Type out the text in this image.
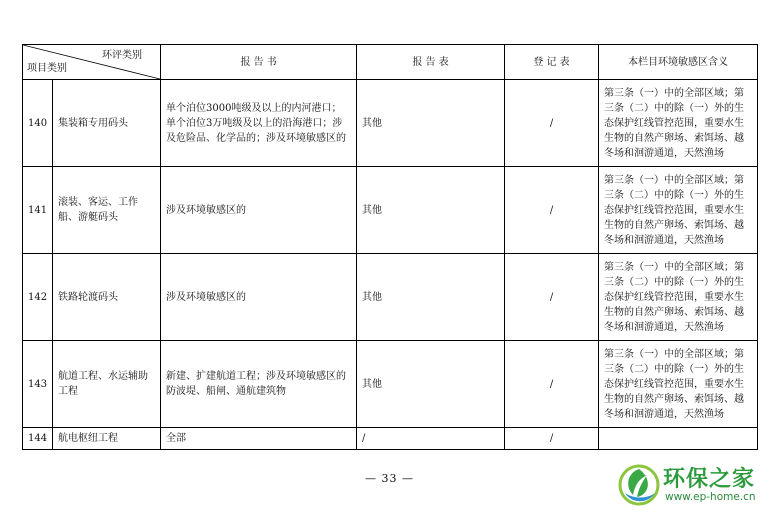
环评类别
项目类别		报 告 书	报 告 表	登 记 表	本栏目环境敏感区含义
140	集装箱专用码头	单个泊位3000吨级及以上的内河港口；单个泊位3万吨级及以上的沿海港口；涉及危险品、化学品的；涉及环境敏感区的	其他	/	第三条（一）中的全部区域；第三条（二）中的除（一）外的生态保护红线管控范围，重要水生生物的自然产卵场、索饵场、越冬场和洄游通道，天然渔场
141	滚装、客运、工作船、游艇码头	涉及环境敏感区的	其他	/	第三条（一）中的全部区域；第三条（二）中的除（一）外的生态保护红线管控范围，重要水生生物的自然产卵场、索饵场、越冬场和洄游通道，天然渔场
142	铁路轮渡码头	涉及环境敏感区的	其他	/	第三条（一）中的全部区域；第三条（二）中的除（一）外的生态保护红线管控范围，重要水生生物的自然产卵场、索饵场、越冬场和洄游通道，天然渔场
143	航道工程、水运辅助工程	新建、扩建航道工程；涉及环境敏感区的防波堤、船闸、通航建筑物	其他	/	第三条（一）中的全部区域；第三条（二）中的除（一）外的生态保护红线管控范围，重要水生生物的自然产卵场、索饵场、越冬场和洄游通道，天然渔场
144	航电枢纽工程	全部	/	/	
— 33 —	环保之家
www.ep-home.cn
